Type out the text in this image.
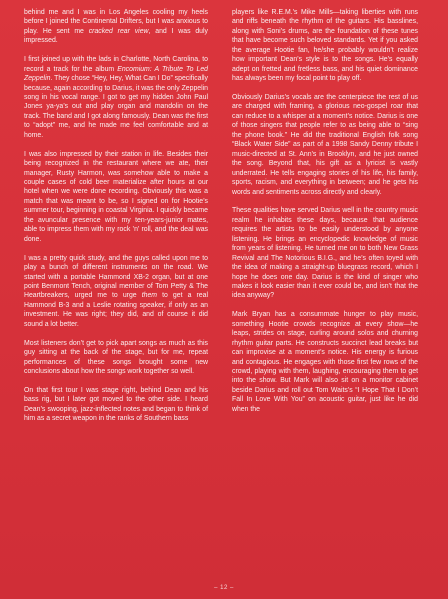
behind me and I was in Los Angeles cooling my heels before I joined the Continental Drifters, but I was anxious to play. He sent me cracked rear view, and I was duly impressed.

I first joined up with the lads in Charlotte, North Carolina, to record a track for the album Encomium: A Tribute To Led Zeppelin. They chose “Hey, Hey, What Can I Do” specifically because, again according to Darius, it was the only Zeppelin song in his vocal range. I got to get my hidden John Paul Jones ya-ya’s out and play organ and mandolin on the track. The band and I got along famously. Dean was the first to “adopt” me, and he made me feel comfortable and at home.

I was also impressed by their station in life. Besides their being recognized in the restaurant where we ate, their manager, Rusty Harmon, was somehow able to make a couple cases of cold beer materialize after hours at our hotel when we were done recording. Obviously this was a match that was meant to be, so I signed on for Hootie’s summer tour, beginning in coastal Virginia. I quickly became the avuncular presence with my ten-years-junior mates, able to impress them with my rock ’n’ roll, and the deal was done.

I was a pretty quick study, and the guys called upon me to play a bunch of different instruments on the road. We started with a portable Hammond XB-2 organ, but at one point Benmont Tench, original member of Tom Petty & The Heartbreakers, urged me to urge them to get a real Hammond B-3 and a Leslie rotating speaker, if only as an investment. He was right; they did, and of course it did sound a lot better.

Most listeners don’t get to pick apart songs as much as this guy sitting at the back of the stage, but for me, repeat performances of these songs brought some new conclusions about how the songs work together so well.

On that first tour I was stage right, behind Dean and his bass rig, but I later got moved to the other side. I heard Dean’s swooping, jazz-inflected notes and began to think of him as a secret weapon in the ranks of Southern bass

players like R.E.M.’s Mike Mills—taking liberties with runs and riffs beneath the rhythm of the guitars. His basslines, along with Soni’s drums, are the foundation of these tunes that have become such beloved standards. Yet if you asked the average Hootie fan, he/she probably wouldn’t realize how important Dean’s style is to the songs. He’s equally adept on fretted and fretless bass, and his quiet dominance has always been my focal point to play off.

Obviously Darius’s vocals are the centerpiece the rest of us are charged with framing, a glorious neo-gospel roar that can reduce to a whisper at a moment’s notice. Darius is one of those singers that people refer to as being able to “sing the phone book.” He did the traditional English folk song “Black Water Side” as part of a 1998 Sandy Denny tribute I music-directed at St. Ann’s in Brooklyn, and he just owned the song. Beyond that, his gift as a lyricist is vastly underrated. He tells engaging stories of his life, his family, sports, racism, and everything in between; and he gets his words and sentiments across directly and clearly.

These qualities have served Darius well in the country music realm he inhabits these days, because that audience requires the artists to be easily understood by anyone listening. He brings an encyclopedic knowledge of music from years of listening. He turned me on to both New Grass Revival and The Notorious B.I.G., and he’s often toyed with the idea of making a straight-up bluegrass record, which I hope he does one day. Darius is the kind of singer who makes it look easier than it ever could be, and isn’t that the idea anyway?

Mark Bryan has a consummate hunger to play music, something Hootie crowds recognize at every show—he leaps, strides on stage, curling around solos and churning rhythm guitar parts. He constructs succinct lead breaks but can improvise at a moment’s notice. His energy is furious and contagious. He engages with those first few rows of the crowd, playing with them, laughing, encouraging them to get into the show. But Mark will also sit on a monitor cabinet beside Darius and roll out Tom Waits’s “I Hope That I Don’t Fall In Love With You” on acoustic guitar, just like he did when the

– 12 –
